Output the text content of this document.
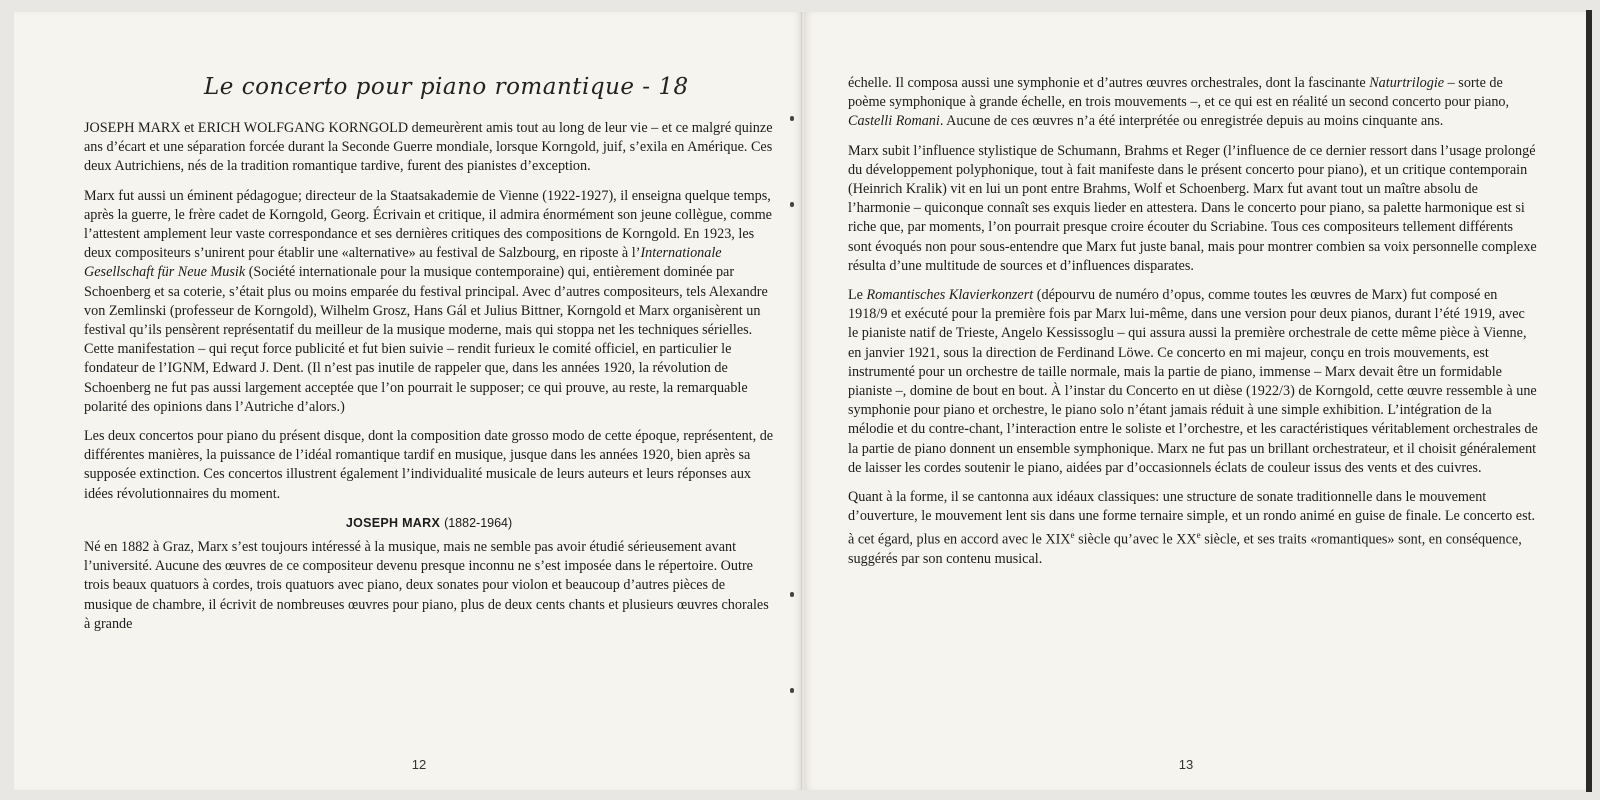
Le concerto pour piano romantique - 18

JOSEPH MARX et ERICH WOLFGANG KORNGOLD demeurèrent amis tout au long de leur vie – et ce malgré quinze ans d’écart et une séparation forcée durant la Seconde Guerre mondiale, lorsque Korngold, juif, s’exila en Amérique. Ces deux Autrichiens, nés de la tradition romantique tardive, furent des pianistes d’exception.

Marx fut aussi un éminent pédagogue; directeur de la Staatsakademie de Vienne (1922-1927), il enseigna quelque temps, après la guerre, le frère cadet de Korngold, Georg. Écrivain et critique, il admira énormément son jeune collègue, comme l’attestent amplement leur vaste correspondance et ses dernières critiques des compositions de Korngold. En 1923, les deux compositeurs s’unirent pour établir une «alternative» au festival de Salzbourg, en riposte à l’Internationale Gesellschaft für Neue Musik (Société internationale pour la musique contemporaine) qui, entièrement dominée par Schoenberg et sa coterie, s’était plus ou moins emparée du festival principal. Avec d’autres compositeurs, tels Alexandre von Zemlinski (professeur de Korngold), Wilhelm Grosz, Hans Gál et Julius Bittner, Korngold et Marx organisèrent un festival qu’ils pensèrent représentatif du meilleur de la musique moderne, mais qui stoppa net les techniques sérielles. Cette manifestation – qui reçut force publicité et fut bien suivie – rendit furieux le comité officiel, en particulier le fondateur de l’IGNM, Edward J. Dent. (Il n’est pas inutile de rappeler que, dans les années 1920, la révolution de Schoenberg ne fut pas aussi largement acceptée que l’on pourrait le supposer; ce qui prouve, au reste, la remarquable polarité des opinions dans l’Autriche d’alors.)

Les deux concertos pour piano du présent disque, dont la composition date grosso modo de cette époque, représentent, de différentes manières, la puissance de l’idéal romantique tardif en musique, jusque dans les années 1920, bien après sa supposée extinction. Ces concertos illustrent également l’individualité musicale de leurs auteurs et leurs réponses aux idées révolutionnaires du moment.

JOSEPH MARX (1882-1964)

Né en 1882 à Graz, Marx s’est toujours intéressé à la musique, mais ne semble pas avoir étudié sérieusement avant l’université. Aucune des œuvres de ce compositeur devenu presque inconnu ne s’est imposée dans le répertoire. Outre trois beaux quatuors à cordes, trois quatuors avec piano, deux sonates pour violon et beaucoup d’autres pièces de musique de chambre, il écrivit de nombreuses œuvres pour piano, plus de deux cents chants et plusieurs œuvres chorales à grande

12

échelle. Il composa aussi une symphonie et d’autres œuvres orchestrales, dont la fascinante Naturtrilogie – sorte de poème symphonique à grande échelle, en trois mouvements –, et ce qui est en réalité un second concerto pour piano, Castelli Romani. Aucune de ces œuvres n’a été interprétée ou enregistrée depuis au moins cinquante ans.

Marx subit l’influence stylistique de Schumann, Brahms et Reger (l’influence de ce dernier ressort dans l’usage prolongé du développement polyphonique, tout à fait manifeste dans le présent concerto pour piano), et un critique contemporain (Heinrich Kralik) vit en lui un pont entre Brahms, Wolf et Schoenberg. Marx fut avant tout un maître absolu de l’harmonie – quiconque connaît ses exquis lieder en attestera. Dans le concerto pour piano, sa palette harmonique est si riche que, par moments, l’on pourrait presque croire écouter du Scriabine. Tous ces compositeurs tellement différents sont évoqués non pour sous-entendre que Marx fut juste banal, mais pour montrer combien sa voix personnelle complexe résulta d’une multitude de sources et d’influences disparates.

Le Romantisches Klavierkonzert (dépourvu de numéro d’opus, comme toutes les œuvres de Marx) fut composé en 1918/9 et exécuté pour la première fois par Marx lui-même, dans une version pour deux pianos, durant l’été 1919, avec le pianiste natif de Trieste, Angelo Kessissoglu – qui assura aussi la première orchestrale de cette même pièce à Vienne, en janvier 1921, sous la direction de Ferdinand Löwe. Ce concerto en mi majeur, conçu en trois mouvements, est instrumenté pour un orchestre de taille normale, mais la partie de piano, immense – Marx devait être un formidable pianiste –, domine de bout en bout. À l’instar du Concerto en ut dièse (1922/3) de Korngold, cette œuvre ressemble à une symphonie pour piano et orchestre, le piano solo n’étant jamais réduit à une simple exhibition. L’intégration de la mélodie et du contre-chant, l’interaction entre le soliste et l’orchestre, et les caractéristiques véritablement orchestrales de la partie de piano donnent un ensemble symphonique. Marx ne fut pas un brillant orchestrateur, et il choisit généralement de laisser les cordes soutenir le piano, aidées par d’occasionnels éclats de couleur issus des vents et des cuivres.

Quant à la forme, il se cantonna aux idéaux classiques: une structure de sonate traditionnelle dans le mouvement d’ouverture, le mouvement lent sis dans une forme ternaire simple, et un rondo animé en guise de finale. Le concerto est. à cet égard, plus en accord avec le XIXe siècle qu’avec le XXe siècle, et ses traits «romantiques» sont, en conséquence, suggérés par son contenu musical.

13
